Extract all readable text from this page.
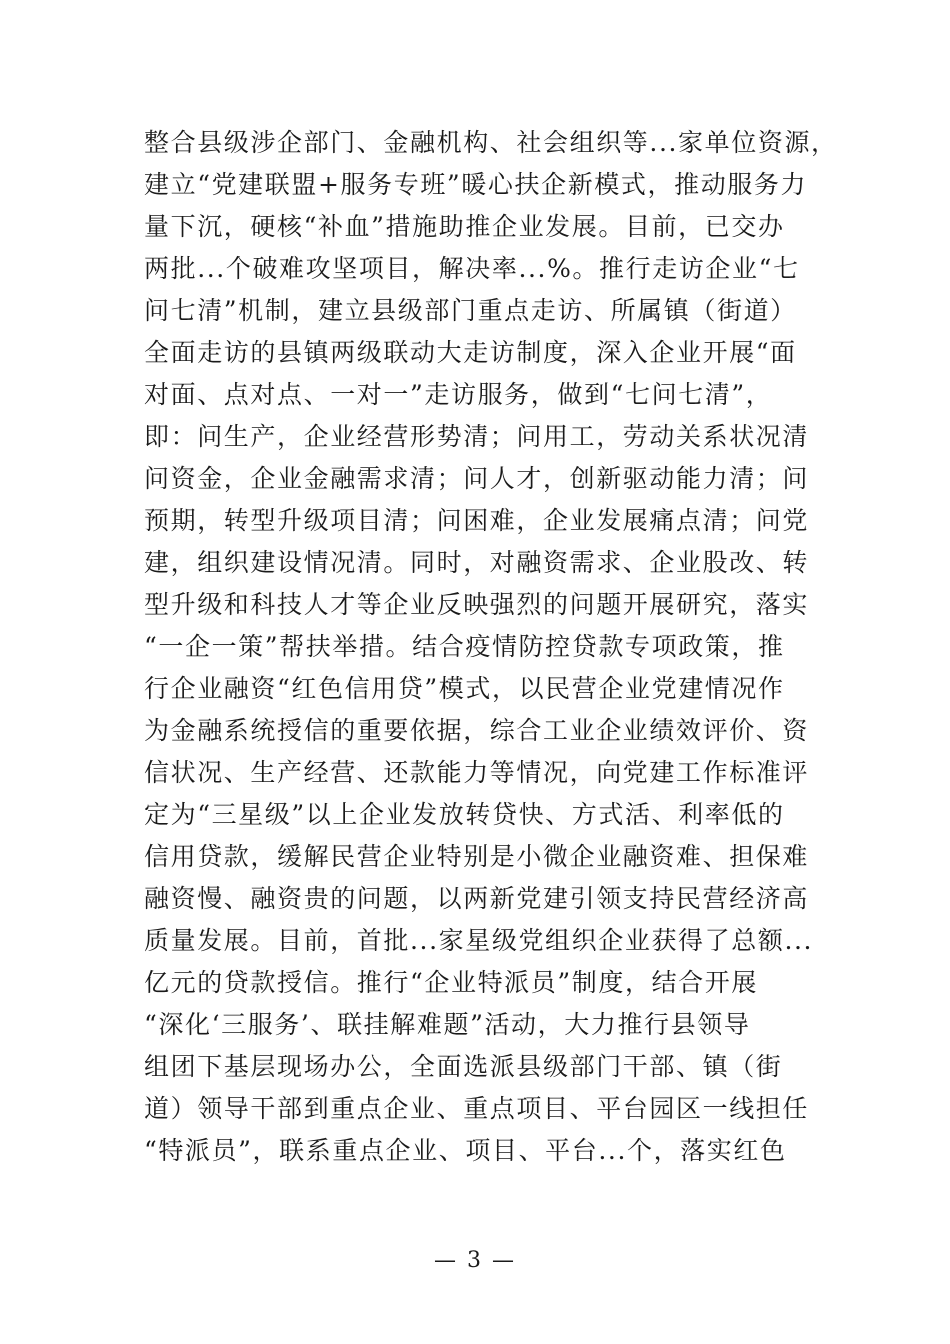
整合县级涉企部门、金融机构、社会组织等...家单位资源，
建立“党建联盟+服务专班”暖心扶企新模式，推动服务力
量下沉，硬核“补血”措施助推企业发展。目前，已交办
两批...个破难攻坚项目，解决率...%。推行走访企业“七
问七清”机制，建立县级部门重点走访、所属镇（街道）
全面走访的县镇两级联动大走访制度，深入企业开展“面
对面、点对点、一对一”走访服务，做到“七问七清”，
即：问生产，企业经营形势清；问用工，劳动关系状况清
问资金，企业金融需求清；问人才，创新驱动能力清；问
预期，转型升级项目清；问困难，企业发展痛点清；问党
建，组织建设情况清。同时，对融资需求、企业股改、转
型升级和科技人才等企业反映强烈的问题开展研究，落实
“一企一策”帮扶举措。结合疫情防控贷款专项政策，推
行企业融资“红色信用贷”模式，以民营企业党建情况作
为金融系统授信的重要依据，综合工业企业绩效评价、资
信状况、生产经营、还款能力等情况，向党建工作标准评
定为“三星级”以上企业发放转贷快、方式活、利率低的
信用贷款，缓解民营企业特别是小微企业融资难、担保难
融资慢、融资贵的问题，以两新党建引领支持民营经济高
质量发展。目前，首批...家星级党组织企业获得了总额...
亿元的贷款授信。推行“企业特派员”制度，结合开展
“深化‘三服务’、联挂解难题”活动，大力推行县领导
组团下基层现场办公，全面选派县级部门干部、镇（街
道）领导干部到重点企业、重点项目、平台园区一线担任
“特派员”，联系重点企业、项目、平台...个，落实红色
— 3 —
